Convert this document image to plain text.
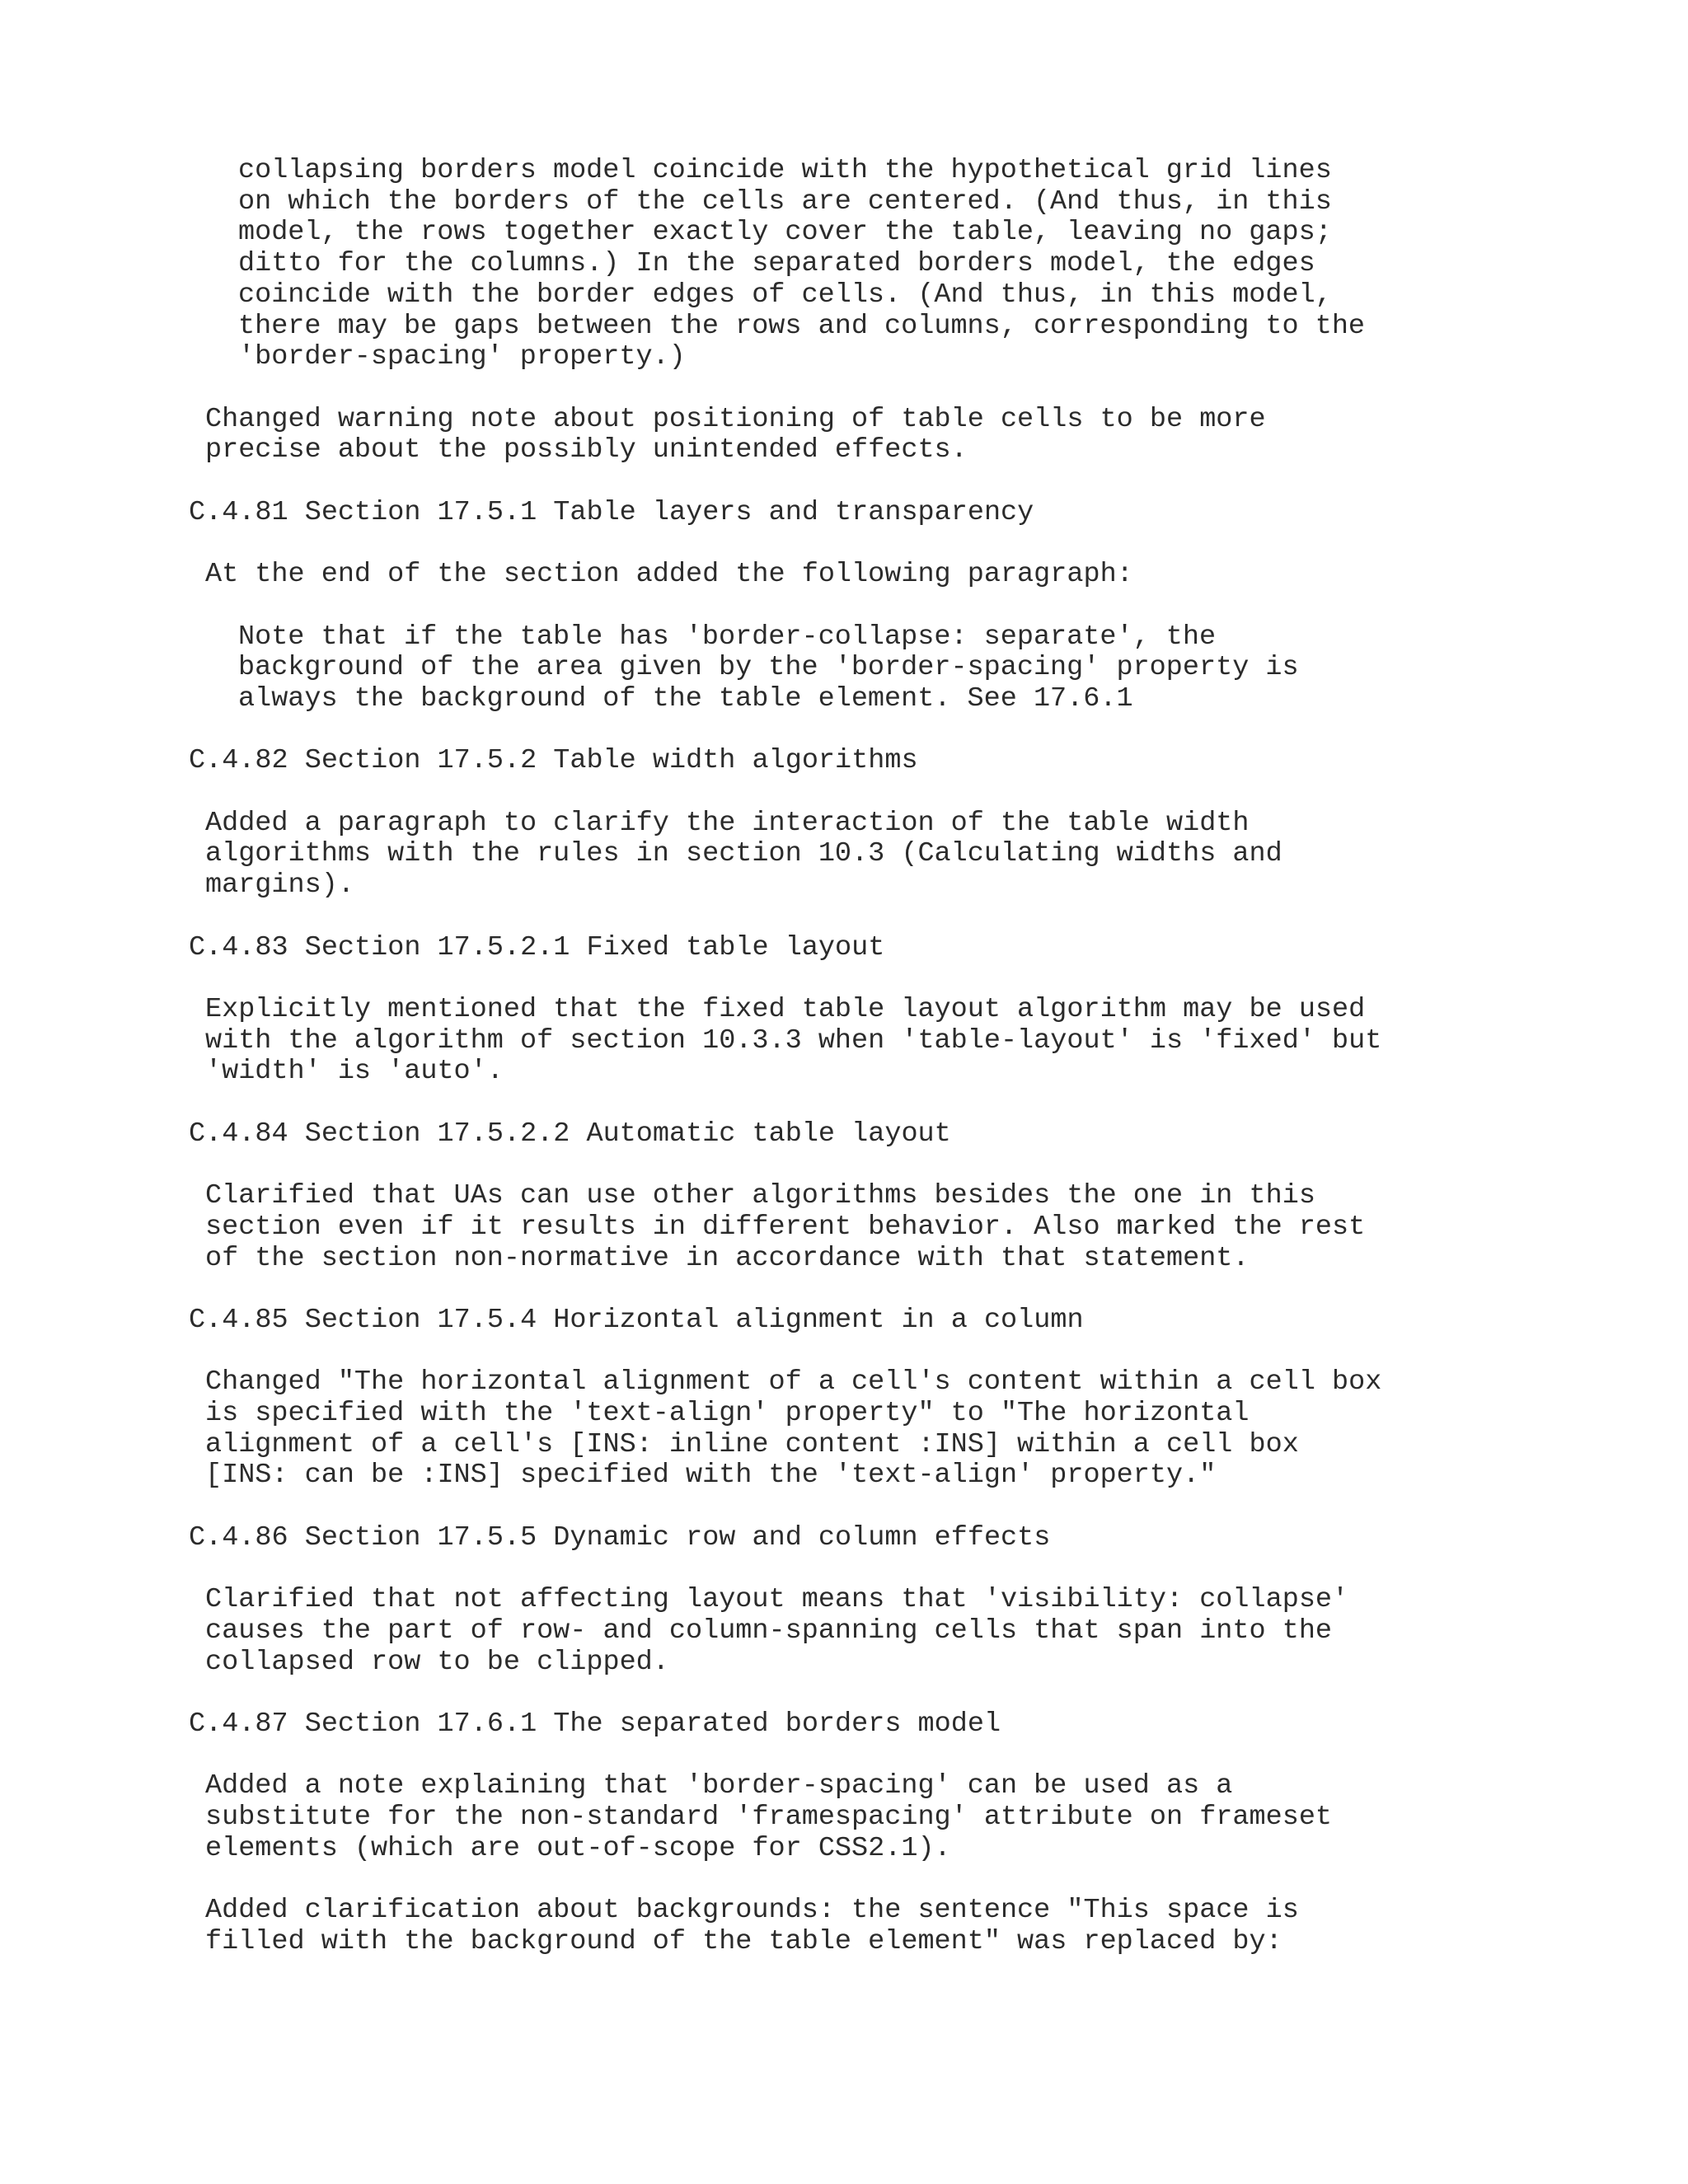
collapsing borders model coincide with the hypothetical grid lines
on which the borders of the cells are centered. (And thus, in this
model, the rows together exactly cover the table, leaving no gaps;
ditto for the columns.) In the separated borders model, the edges
coincide with the border edges of cells. (And thus, in this model,
there may be gaps between the rows and columns, corresponding to the
'border-spacing' property.)
Changed warning note about positioning of table cells to be more
precise about the possibly unintended effects.
C.4.81 Section 17.5.1 Table layers and transparency
At the end of the section added the following paragraph:
Note that if the table has 'border-collapse: separate', the
background of the area given by the 'border-spacing' property is
always the background of the table element. See 17.6.1
C.4.82 Section 17.5.2 Table width algorithms
Added a paragraph to clarify the interaction of the table width
algorithms with the rules in section 10.3 (Calculating widths and
margins).
C.4.83 Section 17.5.2.1 Fixed table layout
Explicitly mentioned that the fixed table layout algorithm may be used
with the algorithm of section 10.3.3 when 'table-layout' is 'fixed' but
'width' is 'auto'.
C.4.84 Section 17.5.2.2 Automatic table layout
Clarified that UAs can use other algorithms besides the one in this
section even if it results in different behavior. Also marked the rest
of the section non-normative in accordance with that statement.
C.4.85 Section 17.5.4 Horizontal alignment in a column
Changed "The horizontal alignment of a cell's content within a cell box
is specified with the 'text-align' property" to "The horizontal
alignment of a cell's [INS: inline content :INS] within a cell box
[INS: can be :INS] specified with the 'text-align' property."
C.4.86 Section 17.5.5 Dynamic row and column effects
Clarified that not affecting layout means that 'visibility: collapse'
causes the part of row- and column-spanning cells that span into the
collapsed row to be clipped.
C.4.87 Section 17.6.1 The separated borders model
Added a note explaining that 'border-spacing' can be used as a
substitute for the non-standard 'framespacing' attribute on frameset
elements (which are out-of-scope for CSS2.1).
Added clarification about backgrounds: the sentence "This space is
filled with the background of the table element" was replaced by:
